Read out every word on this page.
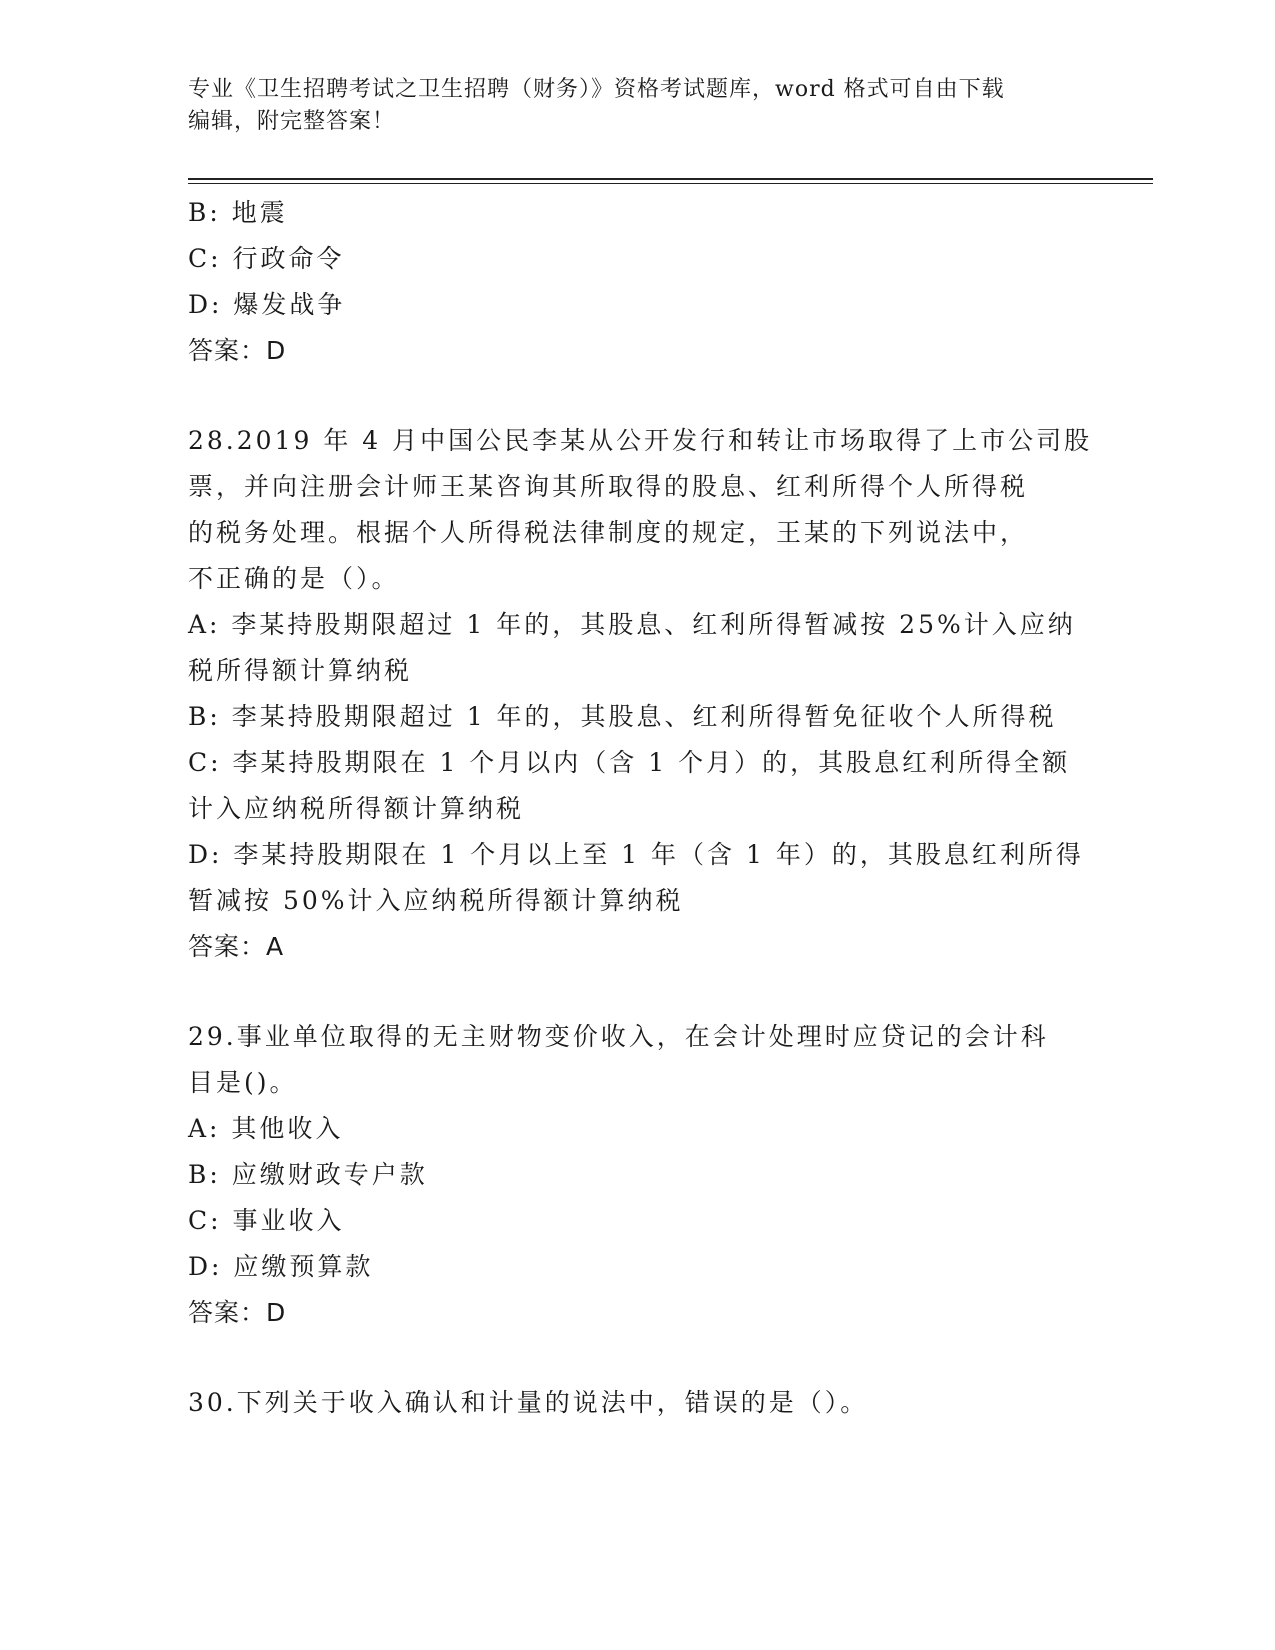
专业《卫生招聘考试之卫生招聘（财务）》资格考试题库，word 格式可自由下载
编辑，附完整答案！
B: 地震
C: 行政命令
D: 爆发战争
答案：D
28.2019 年 4 月中国公民李某从公开发行和转让市场取得了上市公司股
票，并向注册会计师王某咨询其所取得的股息、红利所得个人所得税
的税务处理。根据个人所得税法律制度的规定，王某的下列说法中，
不正确的是（）。
A: 李某持股期限超过 1 年的，其股息、红利所得暂减按 25%计入应纳
税所得额计算纳税
B: 李某持股期限超过 1 年的，其股息、红利所得暂免征收个人所得税
C: 李某持股期限在 1 个月以内（含 1 个月）的，其股息红利所得全额
计入应纳税所得额计算纳税
D: 李某持股期限在 1 个月以上至 1 年（含 1 年）的，其股息红利所得
暂减按 50%计入应纳税所得额计算纳税
答案：A
29.事业单位取得的无主财物变价收入，在会计处理时应贷记的会计科
目是()。
A: 其他收入
B: 应缴财政专户款
C: 事业收入
D: 应缴预算款
答案：D
30.下列关于收入确认和计量的说法中，错误的是（）。
